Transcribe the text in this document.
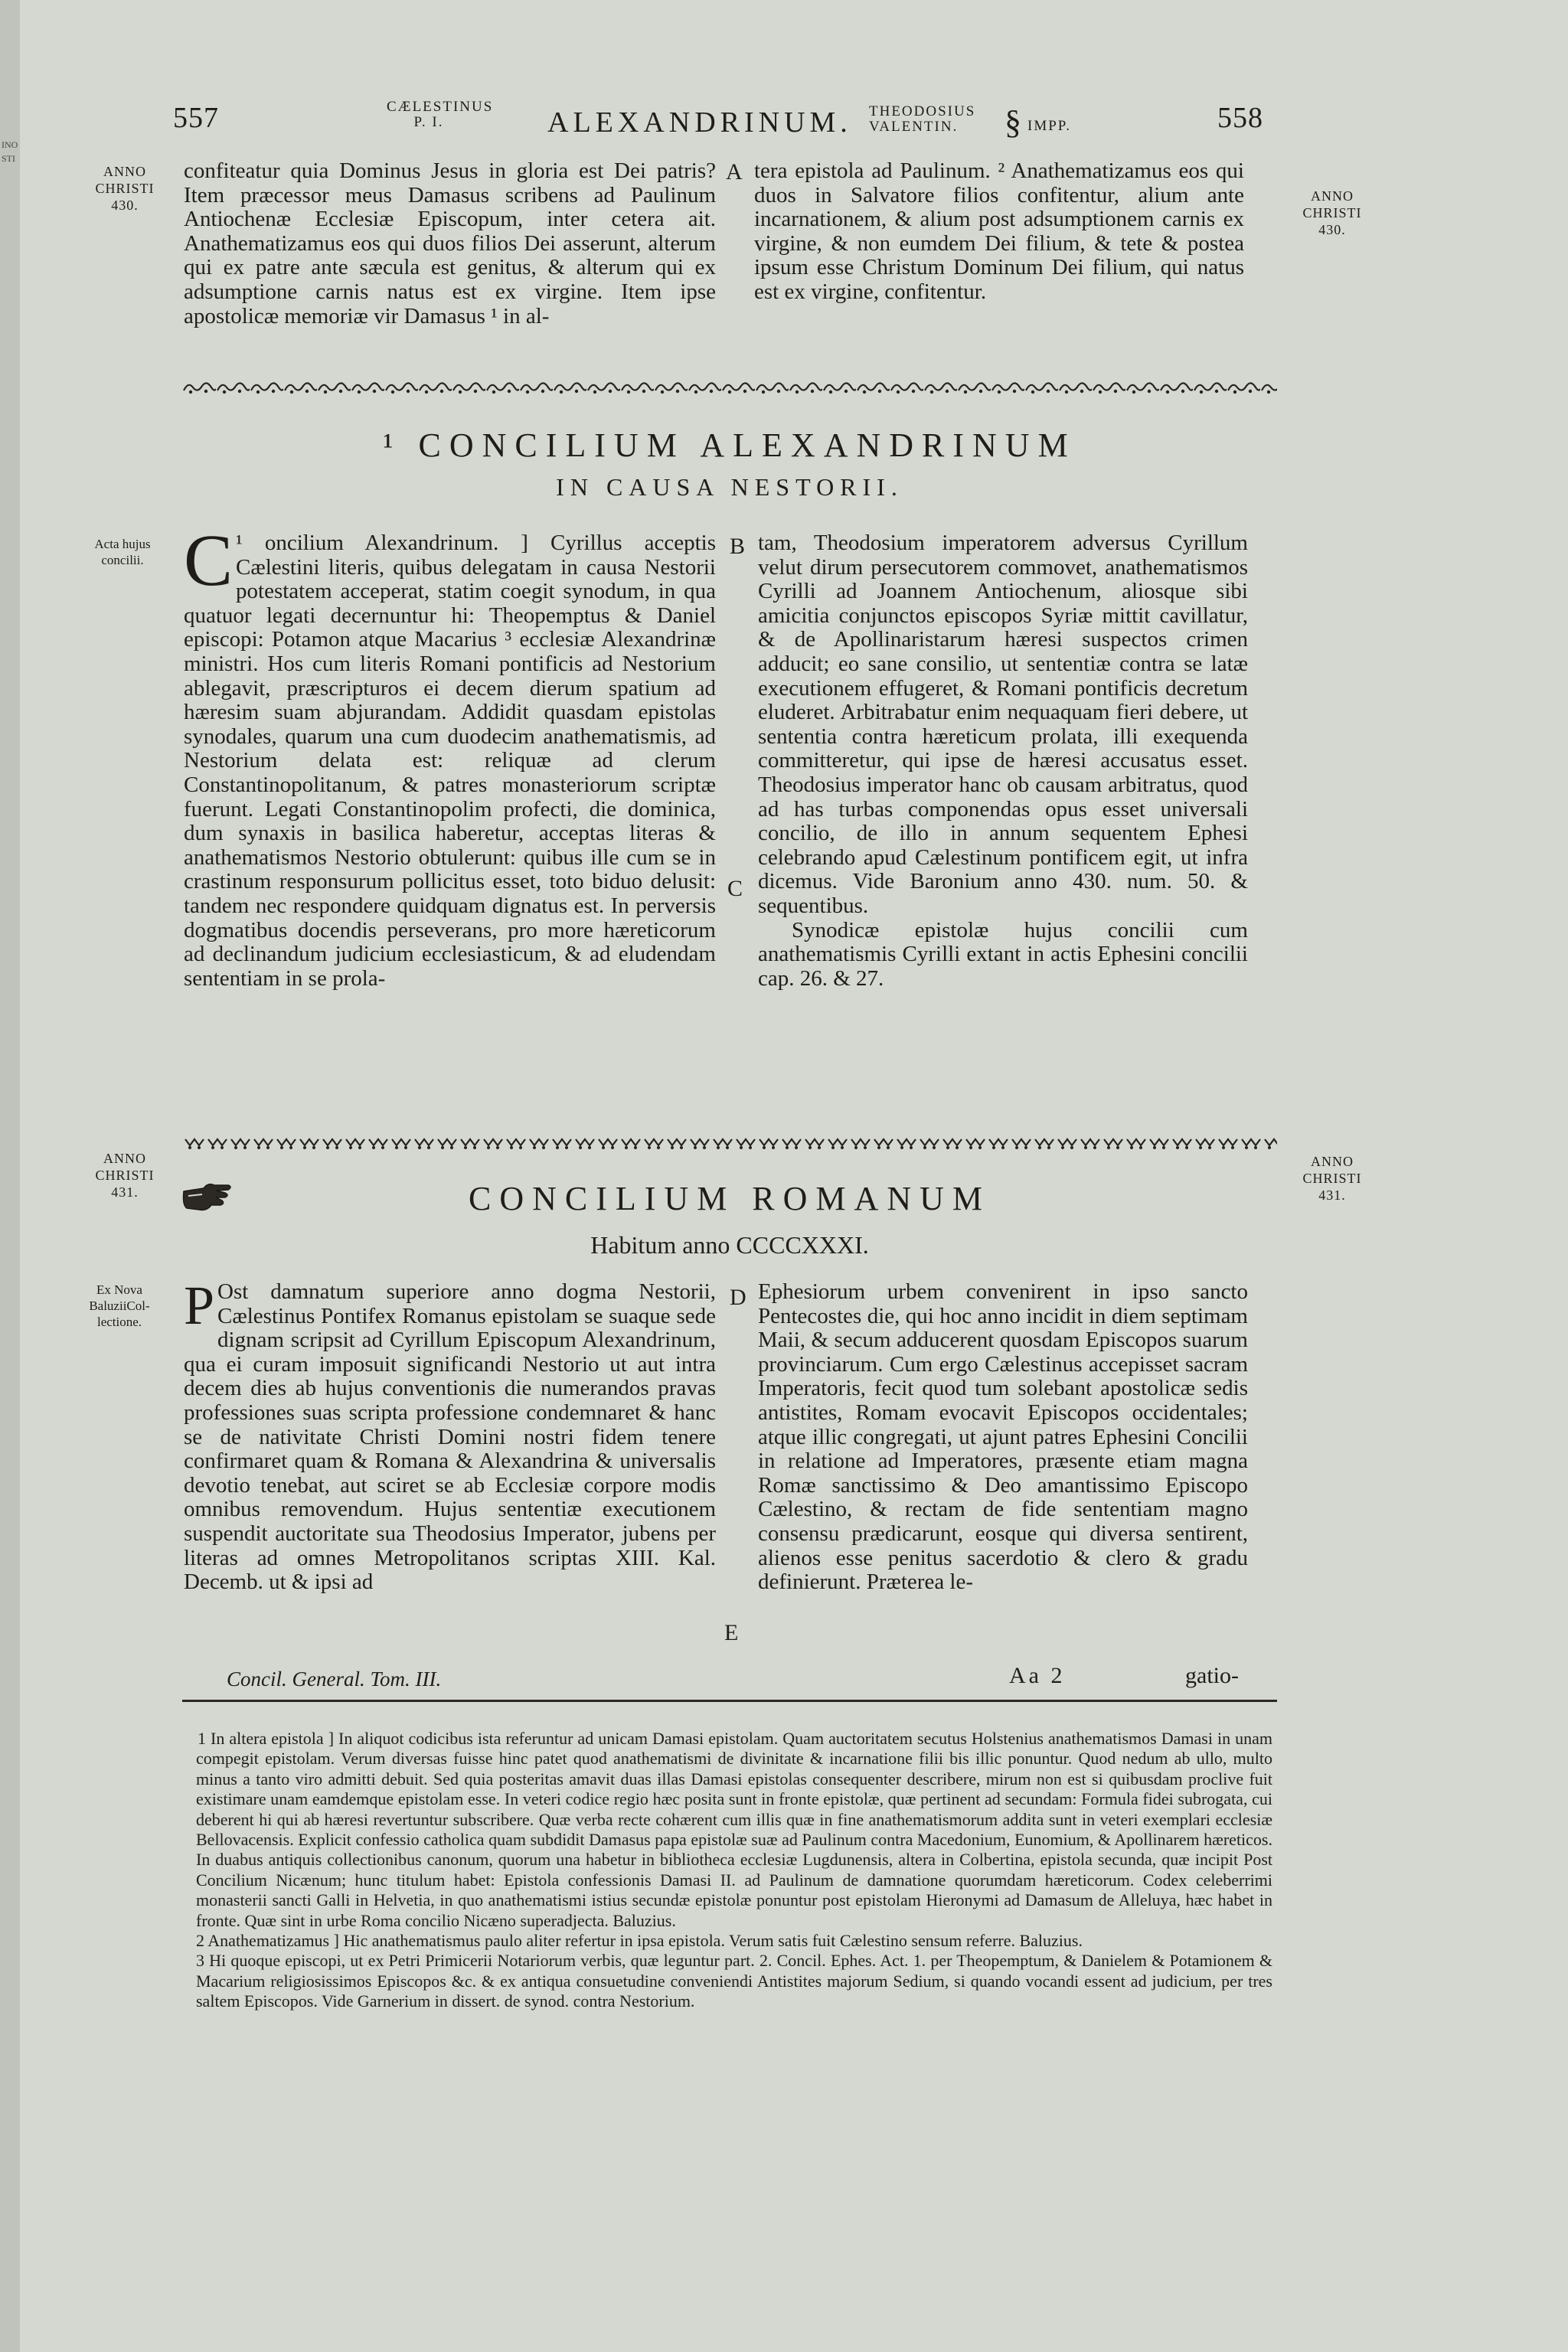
INO STI
557	CÆLESTINUS
P. I.	ALEXANDRINUM. THEODOSIUS
VALENTIN.	§ IMPP.	558
ANNO
CHRISTI
430.
ANNO
CHRISTI
430.
confiteatur quia Dominus Jesus in gloria est Dei patris? Item præcessor meus Damasus scribens ad Paulinum Antiochenæ Ecclesiæ Episcopum, inter cetera ait. Anathematizamus eos qui duos filios Dei asserunt, alterum qui ex patre ante sæcula est genitus, & alterum qui ex adsumptione carnis natus est ex virgine. Item ipse apostolicæ memoriæ vir Damasus ¹ in al-
A tera epistola ad Paulinum. ² Anathematizamus eos qui duos in Salvatore filios confitentur, alium ante incarnationem, & alium post adsumptionem carnis ex virgine, & non eumdem Dei filium, & tete & postea ipsum esse Christum Dominum Dei filium, qui natus est ex virgine, confitentur.
¹ CONCILIUM ALEXANDRINUM
IN CAUSA NESTORII.
Acta hujus
concilii. C ¹ oncilium Alexandrinum. ] Cyrillus acceptis Cælestini literis, quibus delegatam in causa Nestorii potestatem acceperat, statim coegit synodum, in qua quatuor legati decernuntur hi: Theopemptus & Daniel episcopi: Potamon atque Macarius ³ ecclesiæ Alexandrinæ ministri. Hos cum literis Romani pontificis ad Nestorium ablegavit, præscripturos ei decem dierum spatium ad hæresim suam abjurandam. Addidit quasdam epistolas synodales, quarum una cum duodecim anathematismis, ad Nestorium delata est: reliquæ ad clerum Constantinopolitanum, & patres monasteriorum scriptæ fuerunt. Legati Constantinopolim profecti, die dominica, dum synaxis in basilica haberetur, acceptas literas & anathematismos Nestorio obtulerunt: quibus ille cum se in crastinum responsurum pollicitus esset, toto biduo delusit: tandem nec respondere quidquam dignatus est. In perversis dogmatibus docendis perseverans, pro more hæreticorum ad declinandum judicium ecclesiasticum, & ad eludendam sententiam in se prola-
B
C

tam, Theodosium imperatorem adversus Cyrillum velut dirum persecutorem commovet, anathematismos Cyrilli ad Joannem Antiochenum, aliosque sibi amicitia conjunctos episcopos Syriæ mittit cavillatur, & de Apollinaristarum hæresi suspectos crimen adducit; eo sane consilio, ut sententiæ contra se latæ executionem effugeret, & Romani pontificis decretum eluderet. Arbitrabatur enim nequaquam fieri debere, ut sententia contra hæreticum prolata, illi exequenda committeretur, qui ipse de hæresi accusatus esset. Theodosius imperator hanc ob causam arbitratus, quod ad has turbas componendas opus esset universali concilio, de illo in annum sequentem Ephesi celebrando apud Cælestinum pontificem egit, ut infra dicemus. Vide Baronium anno 430. num. 50. & sequentibus.

Synodicæ epistolæ hujus concilii cum anathematismis Cyrilli extant in actis Ephesini concilii cap. 26. & 27.

ANNO
CHRISTI
431.
ANNO
CHRISTI
431.
CONCILIUM ROMANUM
Habitum anno CCCCXXXI.
Ex Nova
BaluziiCol-
lectione. P Ost damnatum superiore anno dogma Nestorii, Cælestinus Pontifex Romanus epistolam se suaque sede dignam scripsit ad Cyrillum Episcopum Alexandrinum, qua ei curam imposuit significandi Nestorio ut aut intra decem dies ab hujus conventionis die numerandos pravas professiones suas scripta professione condemnaret & hanc se de nativitate Christi Domini nostri fidem tenere confirmaret quam & Romana & Alexandrina & universalis devotio tenebat, aut sciret se ab Ecclesiæ corpore modis omnibus removendum. Hujus sententiæ executionem suspendit auctoritate sua Theodosius Imperator, jubens per literas ad omnes Metropolitanos scriptas XIII. Kal. Decemb. ut & ipsi ad
D
E
Ephesiorum urbem convenirent in ipso sancto Pentecostes die, qui hoc anno incidit in diem septimam Maii, & secum adducerent quosdam Episcopos suarum provinciarum. Cum ergo Cælestinus accepisset sacram Imperatoris, fecit quod tum solebant apostolicæ sedis antistites, Romam evocavit Episcopos occidentales; atque illic congregati, ut ajunt patres Ephesini Concilii in relatione ad Imperatores, præsente etiam magna Romæ sanctissimo & Deo amantissimo Episcopo Cælestino, & rectam de fide sententiam magno consensu prædicarunt, eosque qui diversa sentirent, alienos esse penitus sacerdotio & clero & gradu definierunt. Præterea le-
Concil. General. Tom. III.	Aa 2	gatio-

1 In altera epistola ] In aliquot codicibus ista referuntur ad unicam Damasi epistolam. Quam auctoritatem secutus Holstenius anathematismos Damasi in unam compegit epistolam. Verum diversas fuisse hinc patet quod anathematismi de divinitate & incarnatione filii bis illic ponuntur. Quod nedum ab ullo, multo minus a tanto viro admitti debuit. Sed quia posteritas amavit duas illas Damasi epistolas consequenter describere, mirum non est si quibusdam proclive fuit existimare unam eamdemque epistolam esse. In veteri codice regio hæc posita sunt in fronte epistolæ, quæ pertinent ad secundam: Formula fidei subrogata, cui deberent hi qui ab hæresi revertuntur subscribere. Quæ verba recte cohærent cum illis quæ in fine anathematismorum addita sunt in veteri exemplari ecclesiæ Bellovacensis. Explicit confessio catholica quam subdidit Damasus papa epistolæ suæ ad Paulinum contra Macedonium, Eunomium, & Apollinarem hæreticos. In duabus antiquis collectionibus canonum, quorum una habetur in bibliotheca ecclesiæ Lugdunensis, altera in Colbertina, epistola secunda, quæ incipit Post Concilium Nicænum; hunc titulum habet: Epistola confessionis Damasi II. ad Paulinum de damnatione quorumdam hæreticorum. Codex celeberrimi monasterii sancti Galli in Helvetia, in quo anathematismi istius secundæ epistolæ ponuntur post epistolam Hieronymi ad Damasum de Alleluya, hæc habet in fronte. Quæ sint in urbe Roma concilio Nicæno superadjecta. Baluzius.

2 Anathematizamus ] Hic anathematismus paulo aliter refertur in ipsa epistola. Verum satis fuit Cælestino sensum referre. Baluzius.

3 Hi quoque episcopi, ut ex Petri Primicerii Notariorum verbis, quæ leguntur part. 2. Concil. Ephes. Act. 1. per Theopemptum, & Danielem & Potamionem & Macarium religiosissimos Episcopos &c. & ex antiqua consuetudine conveniendi Antistites majorum Sedium, si quando vocandi essent ad judicium, per tres saltem Episcopos. Vide Garnerium in dissert. de synod. contra Nestorium.
